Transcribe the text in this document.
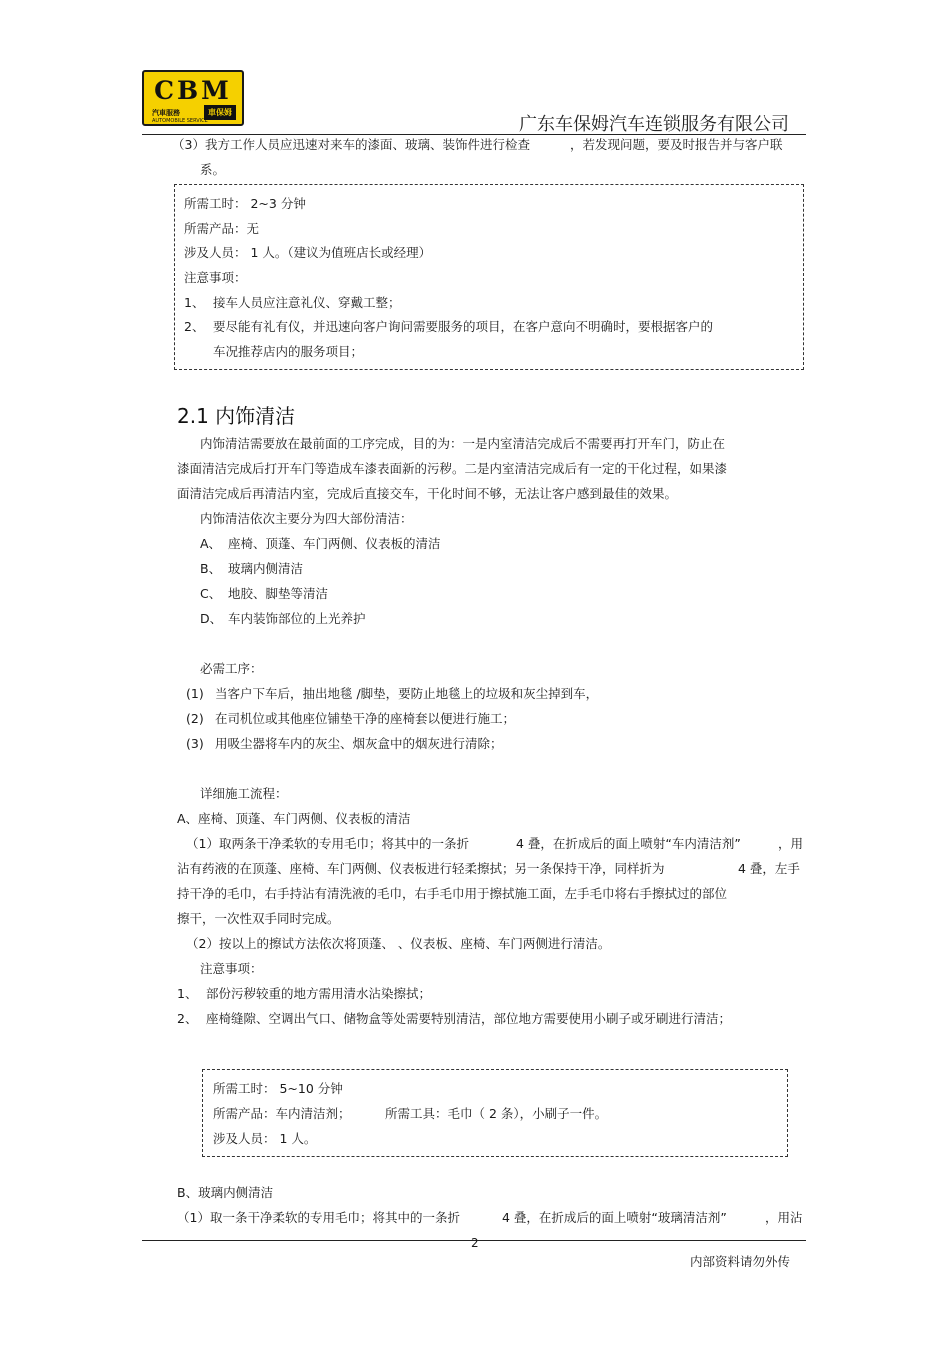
CBM
汽車服務	車保姆
AUTOMOBILE SERVICE	广东车保姆汽车连锁服务有限公司
（3）我方工作人员应迅速对来车的漆面、玻璃、装饰件进行检查	，若发现问题，要及时报告并与客户联
系。
所需工时： 2~3 分钟
所需产品：无
涉及人员： 1 人。（建议为值班店长或经理）
注意事项：
1、 接车人员应注意礼仪、穿戴工整；
2、 要尽能有礼有仪，并迅速向客户询问需要服务的项目，在客户意向不明确时，要根据客户的
车况推荐店内的服务项目；
2.1 内饰清洁
内饰清洁需要放在最前面的工序完成，目的为：一是内室清洁完成后不需要再打开车门，防止在
漆面清洁完成后打开车门等造成车漆表面新的污秽。二是内室清洁完成后有一定的干化过程，如果漆
面清洁完成后再清洁内室，完成后直接交车，干化时间不够，无法让客户感到最佳的效果。
内饰清洁依次主要分为四大部份清洁：
A、 座椅、顶蓬、车门两侧、仪表板的清洁
B、 玻璃内侧清洁
C、 地胶、脚垫等清洁
D、 车内装饰部位的上光养护
必需工序：
(1) 当客户下车后，抽出地毯 /脚垫，要防止地毯上的垃圾和灰尘掉到车，
(2) 在司机位或其他座位铺垫干净的座椅套以便进行施工；
(3) 用吸尘器将车内的灰尘、烟灰盒中的烟灰进行清除；
详细施工流程：
A、座椅、顶蓬、车门两侧、仪表板的清洁
（1）取两条干净柔软的专用毛巾；将其中的一条折	4 叠，在折成后的面上喷射“车内清洁剂”	，用
沾有药液的在顶蓬、座椅、车门两侧、仪表板进行轻柔擦拭；另一条保持干净，同样折为	4 叠，左手
持干净的毛巾，右手持沾有清洗液的毛巾，右手毛巾用于擦拭施工面，左手毛巾将右手擦拭过的部位
擦干，一次性双手同时完成。
（2）按以上的擦试方法依次将顶蓬、 、仪表板、座椅、车门两侧进行清洁。
注意事项：
1、 部份污秽较重的地方需用清水沾染擦拭；
2、 座椅缝隙、空调出气口、储物盒等处需要特别清洁，部位地方需要使用小刷子或牙刷进行清洁；
所需工时： 5~10 分钟
所需产品：车内清洁剂；	所需工具：毛巾（ 2 条），小刷子一件。
涉及人员： 1 人。
B、玻璃内侧清洁
（1）取一条干净柔软的专用毛巾；将其中的一条折	4 叠，在折成后的面上喷射“玻璃清洁剂”	，用沾
2
内部资料请勿外传
